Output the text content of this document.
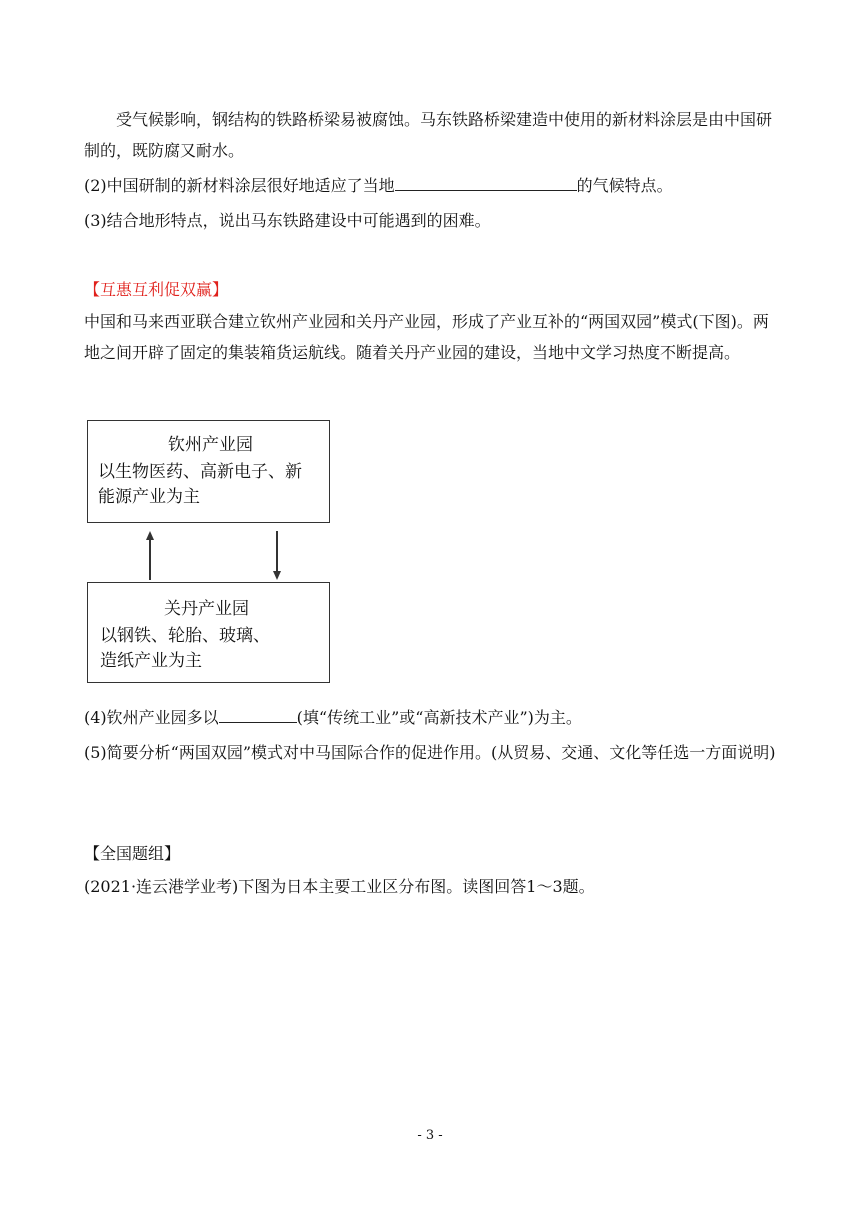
受气候影响，钢结构的铁路桥梁易被腐蚀。马东铁路桥梁建造中使用的新材料涂层是由中国研制的，既防腐又耐水。

(2)中国研制的新材料涂层很好地适应了当地	的气候特点。

(3)结合地形特点，说出马东铁路建设中可能遇到的困难。

【互惠互利促双赢】

中国和马来西亚联合建立钦州产业园和关丹产业园，形成了产业互补的“两国双园”模式(下图)。两地之间开辟了固定的集装箱货运航线。随着关丹产业园的建设，当地中文学习热度不断提高。

钦州产业园
以生物医药、高新电子、新
能源产业为主
关丹产业园
以钢铁、轮胎、玻璃、
造纸产业为主

(4)钦州产业园多以	(填“传统工业”或“高新技术产业”)为主。

(5)简要分析“两国双园”模式对中马国际合作的促进作用。(从贸易、交通、文化等任选一方面说明)

【全国题组】

(2021·连云港学业考)下图为日本主要工业区分布图。读图回答1～3题。

- 3 -
